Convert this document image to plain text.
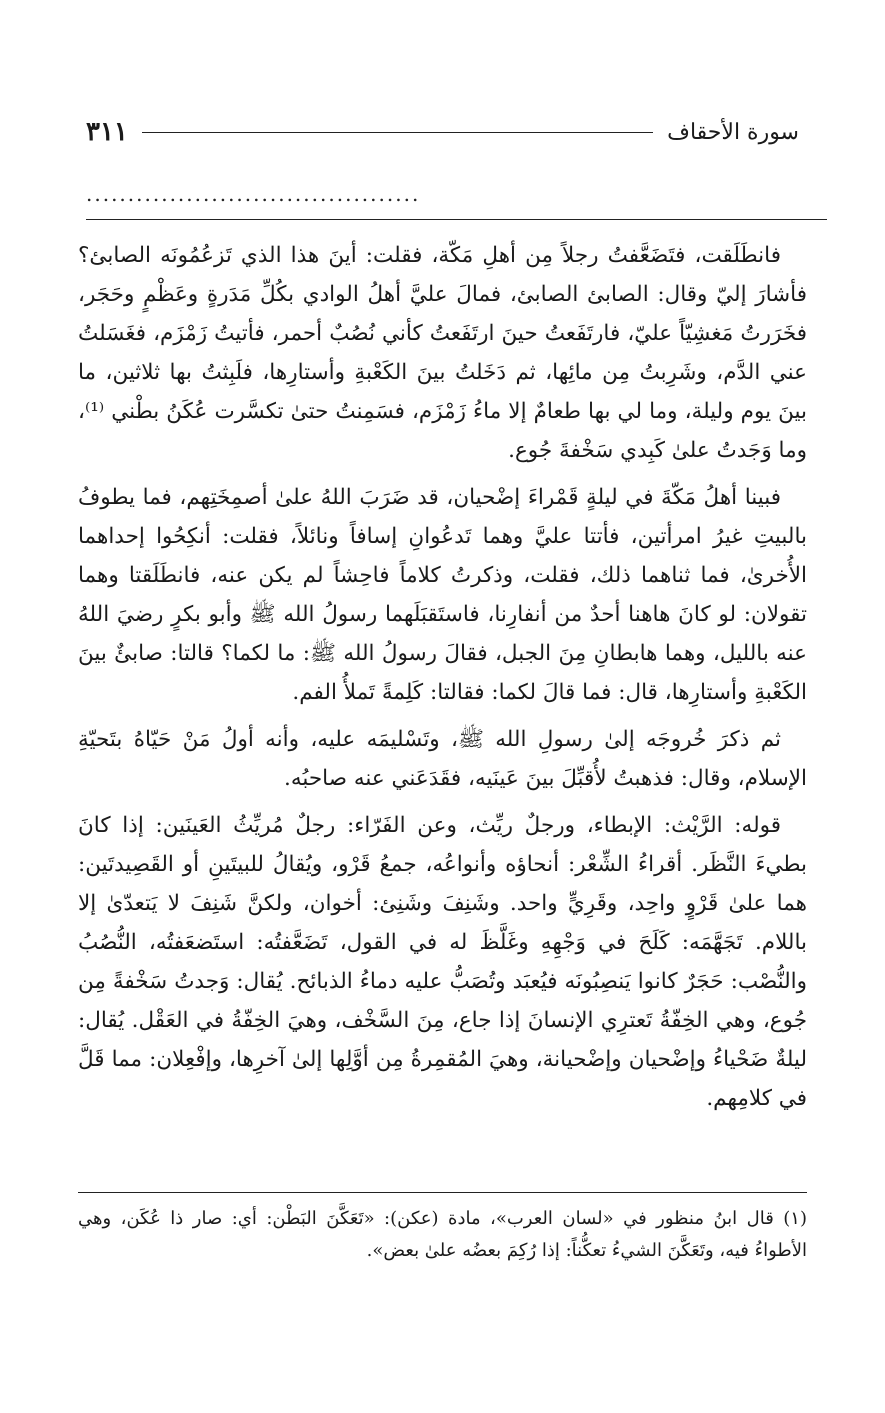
سورة الأحقاف
٣١١
........................................

فانطَلَقت، فتَضَعَّفتُ رجلاً مِن أهلِ مَكّة، فقلت: أينَ هذا الذي تَزعُمُونَه الصابئ؟ فأشارَ إليّ وقال: الصابئ الصابئ، فمالَ عليَّ أهلُ الوادي بكُلِّ مَدَرةٍ وعَظْمٍ وحَجَر، فخَرَرتُ مَغشِيّاً عليّ، فارتَفَعتُ حينَ ارتَفَعتُ كأني نُصُبٌ أحمر، فأتيتُ زَمْزَم، فغَسَلتُ عني الدَّم، وشَرِبتُ مِن مائِها، ثم دَخَلتُ بينَ الكَعْبةِ وأستارِها، فلَبِثتُ بها ثلاثين، ما بينَ يوم وليلة، وما لي بها طعامٌ إلا ماءُ زَمْزَم، فسَمِنتُ حتىٰ تكسَّرت عُكَنُ بطْني ⁽¹⁾، وما وَجَدتُ علىٰ كَبِدي سَخْفةَ جُوع.

فبينا أهلُ مَكّةَ في ليلةٍ قَمْراءَ إضْحيان، قد ضَرَبَ اللهُ علىٰ أصمِخَتِهم، فما يطوفُ بالبيتِ غيرُ امرأتين، فأتتا عليَّ وهما تَدعُوانِ إسافاً ونائلاً، فقلت: أنكِحُوا إحداهما الأُخرىٰ، فما ثناهما ذلك، فقلت، وذكرتُ كلاماً فاحِشاً لم يكن عنه، فانطَلَقتا وهما تقولان: لو كانَ هاهنا أحدٌ من أنفارِنا، فاستَقبَلَهما رسولُ الله ﷺ وأبو بكرٍ رضيَ اللهُ عنه بالليل، وهما هابطانِ مِنَ الجبل، فقالَ رسولُ الله ﷺ: ما لكما؟ قالتا: صابئٌ بينَ الكَعْبةِ وأستارِها، قال: فما قالَ لكما: فقالتا: كَلِمةً تَملأُ الفم.

ثم ذكرَ خُروجَه إلىٰ رسولِ الله ﷺ، وتَسْليمَه عليه، وأنه أولُ مَنْ حَيّاهُ بتَحيّةِ الإسلام، وقال: فذهبتُ لأُقبِّلَ بينَ عَينَيه، فقَدَعَني عنه صاحبُه.

قوله: الرَّيْث: الإبطاء، ورجلٌ ريِّث، وعن الفَرّاء: رجلٌ مُريِّثُ العَينَين: إذا كانَ بطيءَ النَّظَر. أقراءُ الشِّعْر: أنحاؤه وأنواعُه، جمعُ قَرْو، ويُقالُ للبيتَينِ أو القَصِيدتَين: هما علىٰ قَرْوٍ واحِد، وقَرِيٍّ واحد. وشَنِفَ وشَنِئ: أخوان، ولكنَّ شَنِفَ لا يَتعدّىٰ إلا باللام. تَجَهَّمَه: كَلَحَ في وَجْهِهِ وغَلَّظَ له في القول، تَضَعَّفتُه: استَضعَفتُه، النُّصُبُ والنُّصْب: حَجَرٌ كانوا يَنصِبُونَه فيُعبَد وتُصَبُّ عليه دماءُ الذبائح. يُقال: وَجدتُ سَخْفةً مِن جُوع، وهي الخِفّةُ تَعترِي الإنسانَ إذا جاع، مِنَ السَّخْف، وهيَ الخِفّةُ في العَقْل. يُقال: ليلةٌ ضَحْياءُ وإضْحيان وإضْحيانة، وهيَ المُقمِرةُ مِن أوَّلِها إلىٰ آخرِها، وإفْعِلان: مما قَلَّ في كلامِهم.

(١) قال ابنُ منظور في «لسان العرب»، مادة (عكن): «تَعَكَّنَ البَطْن: أي: صار ذا عُكَن، وهي الأطواءُ فيه، وتَعَكَّنَ الشيءُ تعكُّناً: إذا رُكِمَ بعضُه علىٰ بعض».
